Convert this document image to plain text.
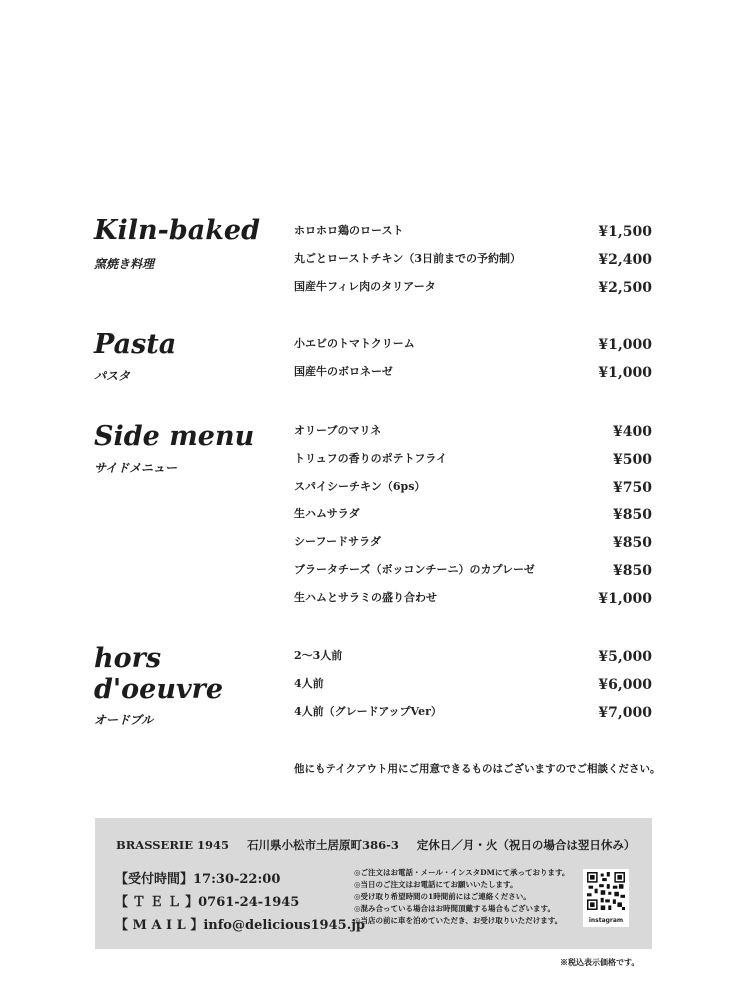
Kiln-baked
窯焼き料理
ホロホロ鶏のロースト	¥1,500
丸ごとローストチキン（3日前までの予約制）	¥2,400
国産牛フィレ肉のタリアータ	¥2,500
Pasta
パスタ
小エビのトマトクリーム	¥1,000
国産牛のボロネーゼ	¥1,000
Side menu
サイドメニュー
オリーブのマリネ	¥400
トリュフの香りのポテトフライ	¥500
スパイシーチキン（6ps）	¥750
生ハムサラダ	¥850
シーフードサラダ	¥850
ブラータチーズ（ボッコンチーニ）のカプレーゼ	¥850
生ハムとサラミの盛り合わせ	¥1,000
hors d'oeuvre
オードブル
2〜3人前	¥5,000
4人前	¥6,000
4人前（グレードアップVer）	¥7,000
他にもテイクアウト用にご用意できるものはございますのでご相談ください。
BRASSERIE 1945 石川県小松市土居原町386-3 定休日／月・火（祝日の場合は翌日休み）
【受付時間】17:30-22:00
【 Ｔ Ｅ Ｌ 】0761-24-1945
【 M A I L 】info@delicious1945.jp
◎ご注文はお電話・メール・インスタDMにて承っております。
◎当日のご注文はお電話にてお願いいたします。
◎受け取り希望時間の1時間前にはご連絡ください。
◎混み合っている場合はお時間頂戴する場合もございます。
◎当店の前に車を泊めていただき、お受け取りいただけます。	instagram
※税込表示価格です。
